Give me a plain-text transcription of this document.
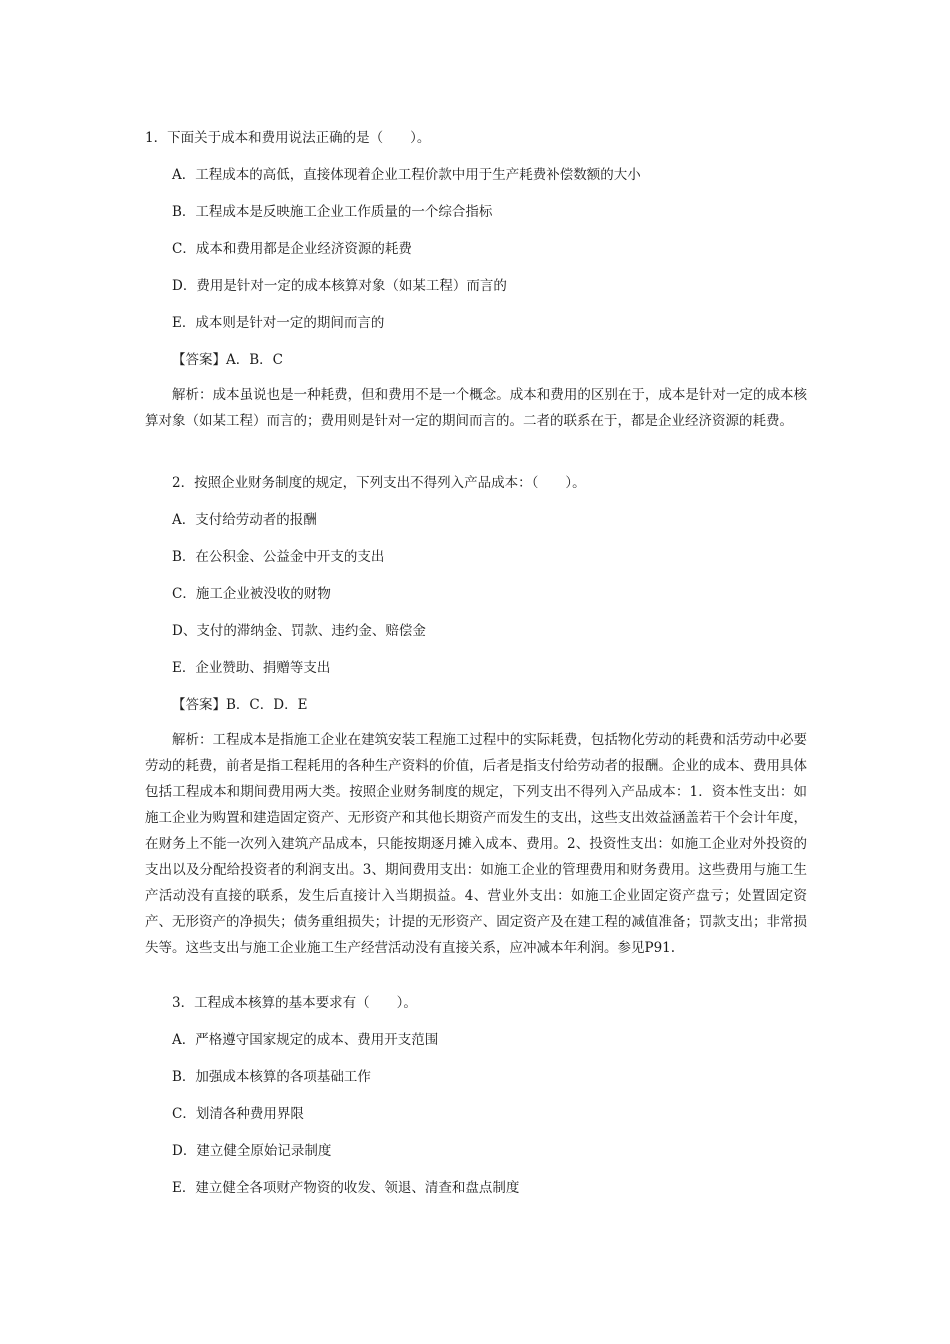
1．下面关于成本和费用说法正确的是（　　）。
A．工程成本的高低，直接体现着企业工程价款中用于生产耗费补偿数额的大小
B．工程成本是反映施工企业工作质量的一个综合指标
C．成本和费用都是企业经济资源的耗费
D．费用是针对一定的成本核算对象（如某工程）而言的
E．成本则是针对一定的期间而言的
【答案】A．B．C
解析：成本虽说也是一种耗费，但和费用不是一个概念。成本和费用的区别在于，成本是针对一定的成本核算对象（如某工程）而言的；费用则是针对一定的期间而言的。二者的联系在于，都是企业经济资源的耗费。
2．按照企业财务制度的规定，下列支出不得列入产品成本：（　　）。
A．支付给劳动者的报酬
B．在公积金、公益金中开支的支出
C．施工企业被没收的财物
D、支付的滞纳金、罚款、违约金、赔偿金
E．企业赞助、捐赠等支出
【答案】B．C．D．E
解析：工程成本是指施工企业在建筑安装工程施工过程中的实际耗费，包括物化劳动的耗费和活劳动中必要劳动的耗费，前者是指工程耗用的各种生产资料的价值，后者是指支付给劳动者的报酬。企业的成本、费用具体包括工程成本和期间费用两大类。按照企业财务制度的规定，下列支出不得列入产品成本：1．资本性支出：如施工企业为购置和建造固定资产、无形资产和其他长期资产而发生的支出，这些支出效益涵盖若干个会计年度，在财务上不能一次列入建筑产品成本，只能按期逐月摊入成本、费用。2、投资性支出：如施工企业对外投资的支出以及分配给投资者的利润支出。3、期间费用支出：如施工企业的管理费用和财务费用。这些费用与施工生产活动没有直接的联系，发生后直接计入当期损益。4、营业外支出：如施工企业固定资产盘亏；处置固定资产、无形资产的净损失；债务重组损失；计提的无形资产、固定资产及在建工程的减值准备；罚款支出；非常损失等。这些支出与施工企业施工生产经营活动没有直接关系，应冲减本年利润。参见P91.
3．工程成本核算的基本要求有（　　）。
A．严格遵守国家规定的成本、费用开支范围
B．加强成本核算的各项基础工作
C．划清各种费用界限
D．建立健全原始记录制度
E．建立健全各项财产物资的收发、领退、清查和盘点制度
